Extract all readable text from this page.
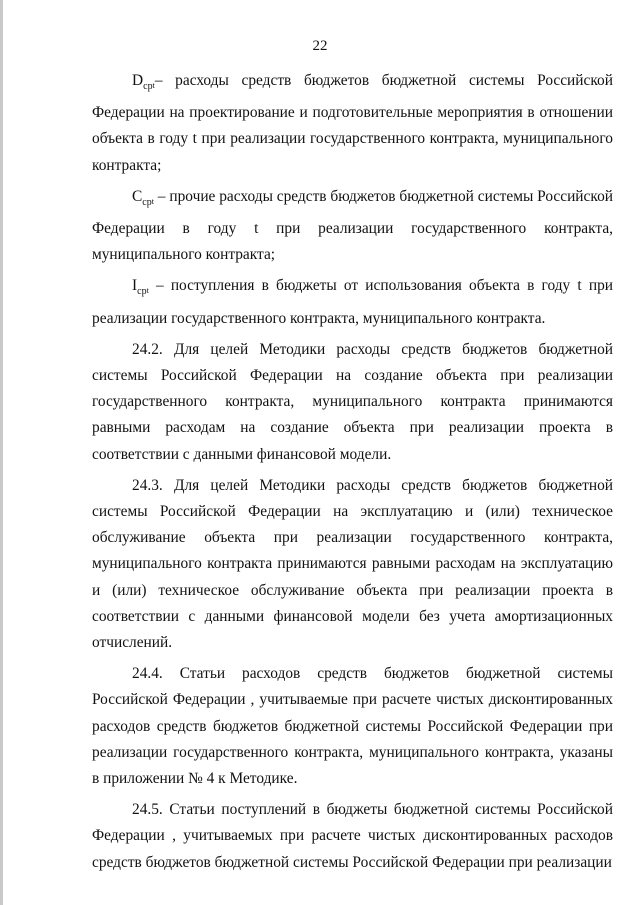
22

$D_{cp}t-$ расходы средств бюджетов бюджетной системы Российской Федерации на проектирование и подготовительные мероприятия в отношении объекта в году t при реализации государственного контракта, муниципального контракта;

$C_{cp}t$ – прочие расходы средств бюджетов бюджетной системы Российской Федерации в году t при реализации государственного контракта, муниципального контракта;

$I_{cp}t$ – поступления в бюджеты от использования объекта в году t при реализации государственного контракта, муниципального контракта.

24.2. Для целей Методики расходы средств бюджетов бюджетной системы Российской Федерации на создание объекта при реализации государственного контракта, муниципального контракта принимаются равными расходам на создание объекта при реализации проекта в соответствии с данными финансовой модели.

24.3. Для целей Методики расходы средств бюджетов бюджетной системы Российской Федерации на эксплуатацию и (или) техническое обслуживание объекта при реализации государственного контракта, муниципального контракта принимаются равными расходам на эксплуатацию и (или) техническое обслуживание объекта при реализации проекта в соответствии с данными финансовой модели без учета амортизационных отчислений.

24.4. Статьи расходов средств бюджетов бюджетной системы Российской Федерации , учитываемые при расчете чистых дисконтированных расходов средств бюджетов бюджетной системы Российской Федерации при реализации государственного контракта, муниципального контракта, указаны в приложении № 4 к Методике.

24.5. Статьи поступлений в бюджеты бюджетной системы Российской Федерации , учитываемых при расчете чистых дисконтированных расходов средств бюджетов бюджетной системы Российской Федерации при реализации
